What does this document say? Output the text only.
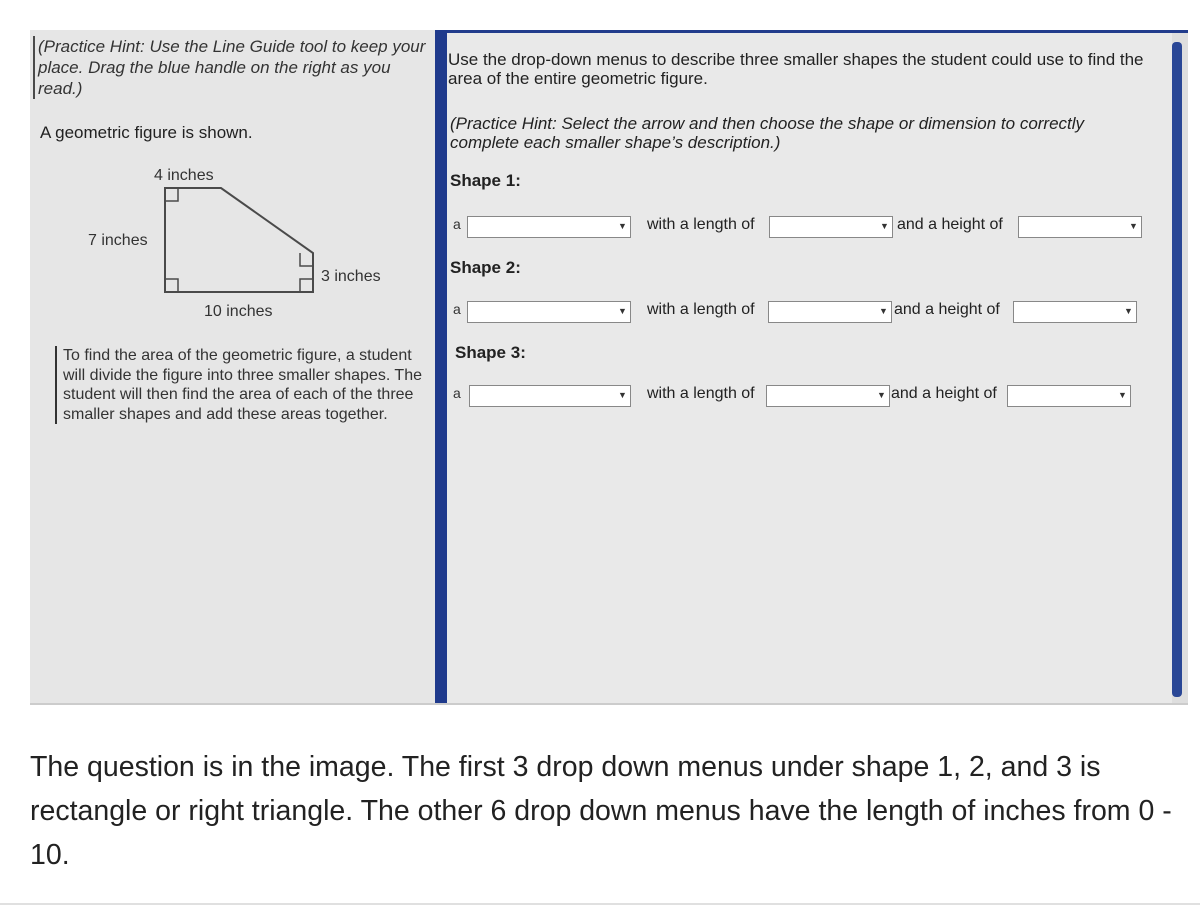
(Practice Hint: Use the Line Guide tool to keep your place. Drag the blue handle on the right as you read.)
A geometric figure is shown.
4 inches
7 inches
3 inches
10 inches
To find the area of the geometric figure, a student will divide the figure into three smaller shapes. The student will then find the area of each of the three smaller shapes and add these areas together.
Use the drop-down menus to describe three smaller shapes the student could use to find the area of the entire geometric figure.
(Practice Hint: Select the arrow and then choose the shape or dimension to correctly complete each smaller shape’s description.)
Shape 1:
a	▼ with a length of	▼ and a height of	▼
Shape 2:
a	▼ with a length of	▼ and a height of	▼
Shape 3:
a	▼ with a length of	▼ and a height of	▼
The question is in the image. The first 3 drop down menus under shape 1, 2, and 3 is rectangle or right triangle. The other 6 drop down menus have the length of inches from 0 - 10.
